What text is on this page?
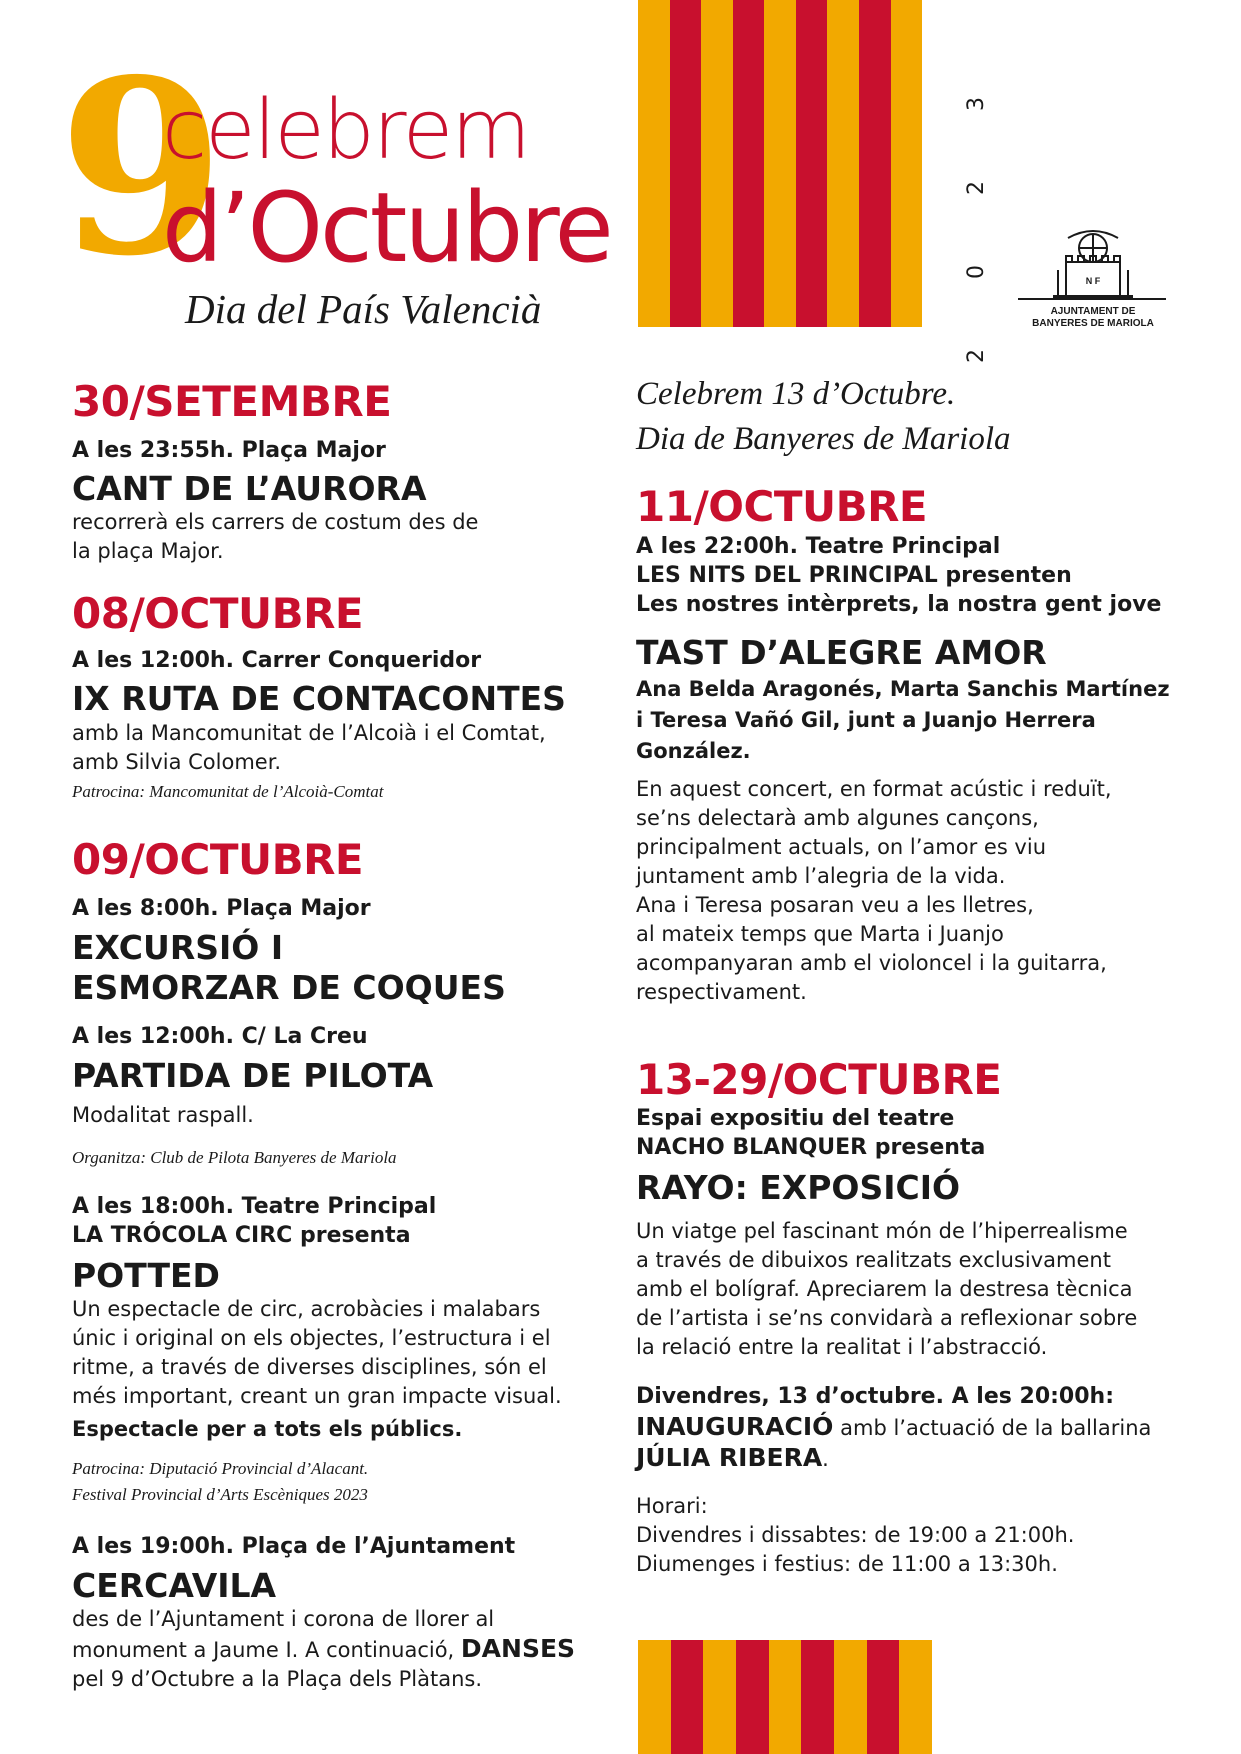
9
celebrem
d’Octubre
Dia del País Valencià
3
2
0
2
N F
AJUNTAMENT DE
BANYERES DE MARIOLA
30/SETEMBRE
A les 23:55h. Plaça Major
CANT DE L’AURORA
recorrerà els carrers de costum des de
la plaça Major.
08/OCTUBRE
A les 12:00h. Carrer Conqueridor
IX RUTA DE CONTACONTES
amb la Mancomunitat de l’Alcoià i el Comtat,
amb Silvia Colomer.
Patrocina: Mancomunitat de l’Alcoià-Comtat
09/OCTUBRE
A les 8:00h. Plaça Major
EXCURSIÓ I
ESMORZAR DE COQUES
A les 12:00h. C/ La Creu
PARTIDA DE PILOTA
Modalitat raspall.
Organitza: Club de Pilota Banyeres de Mariola
A les 18:00h. Teatre Principal
LA TRÓCOLA CIRC presenta
POTTED
Un espectacle de circ, acrobàcies i malabars
únic i original on els objectes, l’estructura i el
ritme, a través de diverses disciplines, són el
més important, creant un gran impacte visual.
Espectacle per a tots els públics.
Patrocina: Diputació Provincial d’Alacant.
Festival Provincial d’Arts Escèniques 2023
A les 19:00h. Plaça de l’Ajuntament
CERCAVILA
des de l’Ajuntament i corona de llorer al
monument a Jaume I. A continuació, DANSES
pel 9 d’Octubre a la Plaça dels Plàtans.
Celebrem 13 d’Octubre.
Dia de Banyeres de Mariola
11/OCTUBRE
A les 22:00h. Teatre Principal
LES NITS DEL PRINCIPAL presenten
Les nostres intèrprets, la nostra gent jove
TAST D’ALEGRE AMOR
Ana Belda Aragonés, Marta Sanchis Martínez
i Teresa Vañó Gil, junt a Juanjo Herrera
González.
En aquest concert, en format acústic i reduït,
se’ns delectarà amb algunes cançons,
principalment actuals, on l’amor es viu
juntament amb l’alegria de la vida.
Ana i Teresa posaran veu a les lletres,
al mateix temps que Marta i Juanjo
acompanyaran amb el violoncel i la guitarra,
respectivament.
13-29/OCTUBRE
Espai expositiu del teatre
NACHO BLANQUER presenta
RAYO: EXPOSICIÓ
Un viatge pel fascinant món de l’hiperrealisme
a través de dibuixos realitzats exclusivament
amb el bolígraf. Apreciarem la destresa tècnica
de l’artista i se’ns convidarà a reflexionar sobre
la relació entre la realitat i l’abstracció.
Divendres, 13 d’octubre. A les 20:00h:
INAUGURACIÓ amb l’actuació de la ballarina
JÚLIA RIBERA.
Horari:
Divendres i dissabtes: de 19:00 a 21:00h.
Diumenges i festius: de 11:00 a 13:30h.
